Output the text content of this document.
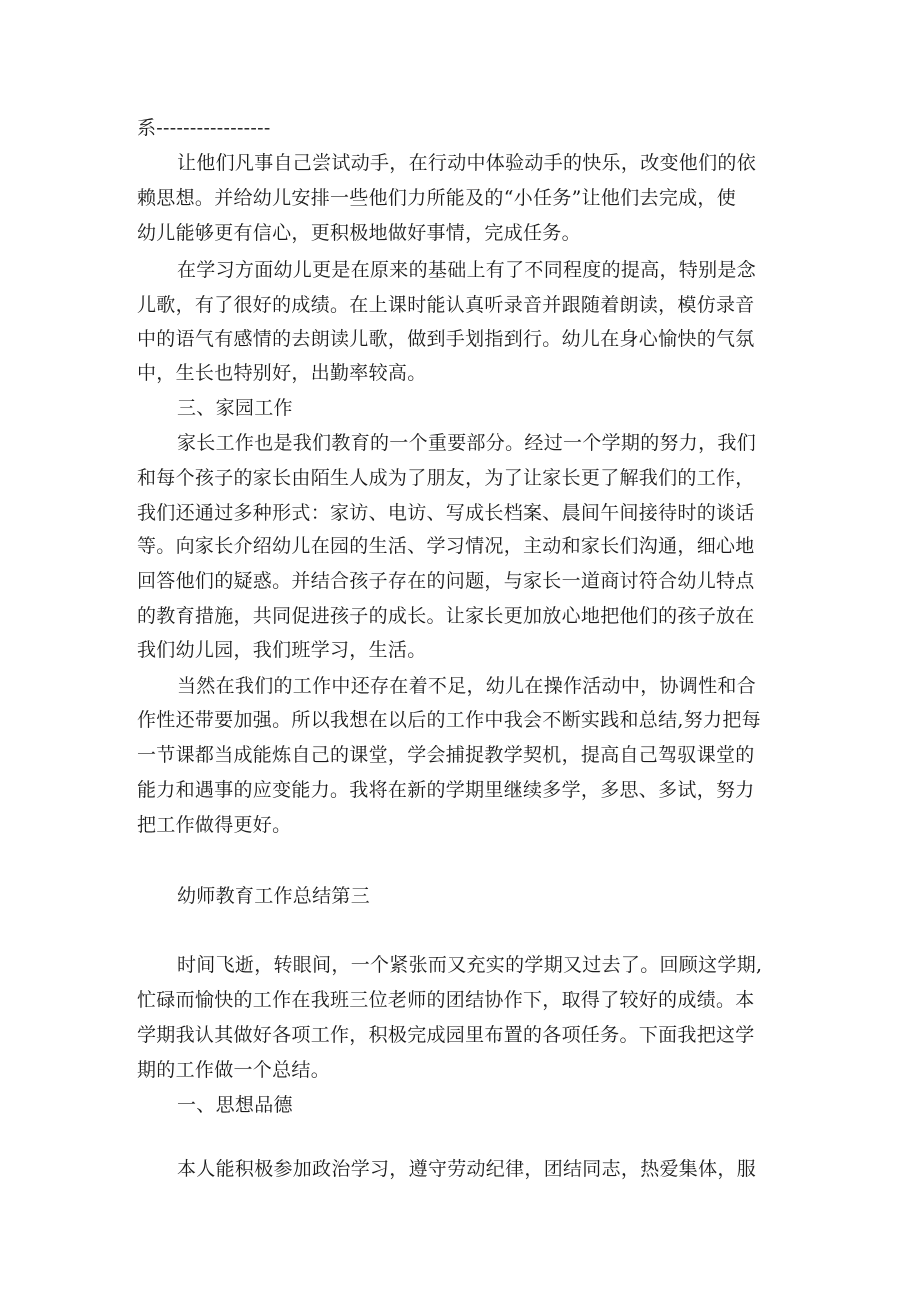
系-----------------
让他们凡事自己尝试动手，在行动中体验动手的快乐，改变他们的依
赖思想。并给幼儿安排一些他们力所能及的“小任务”让他们去完成，使
幼儿能够更有信心，更积极地做好事情，完成任务。
在学习方面幼儿更是在原来的基础上有了不同程度的提高，特别是念
儿歌，有了很好的成绩。在上课时能认真听录音并跟随着朗读，模仿录音
中的语气有感情的去朗读儿歌，做到手划指到行。幼儿在身心愉快的气氛
中，生长也特别好，出勤率较高。
三、家园工作
家长工作也是我们教育的一个重要部分。经过一个学期的努力，我们
和每个孩子的家长由陌生人成为了朋友，为了让家长更了解我们的工作，
我们还通过多种形式：家访、电访、写成长档案、晨间午间接待时的谈话
等。向家长介绍幼儿在园的生活、学习情况，主动和家长们沟通，细心地
回答他们的疑惑。并结合孩子存在的问题，与家长一道商讨符合幼儿特点
的教育措施，共同促进孩子的成长。让家长更加放心地把他们的孩子放在
我们幼儿园，我们班学习，生活。
当然在我们的工作中还存在着不足，幼儿在操作活动中，协调性和合
作性还带要加强。所以我想在以后的工作中我会不断实践和总结,努力把每
一节课都当成能炼自己的课堂，学会捕捉教学契机，提高自己驾驭课堂的
能力和遇事的应变能力。我将在新的学期里继续多学，多思、多试，努力
把工作做得更好。
幼师教育工作总结第三
时间飞逝，转眼间，一个紧张而又充实的学期又过去了。回顾这学期,
忙碌而愉快的工作在我班三位老师的团结协作下，取得了较好的成绩。本
学期我认其做好各项工作，积极完成园里布置的各项任务。下面我把这学
期的工作做一个总结。
一、思想品德
本人能积极参加政治学习，遵守劳动纪律，团结同志，热爱集体，服
